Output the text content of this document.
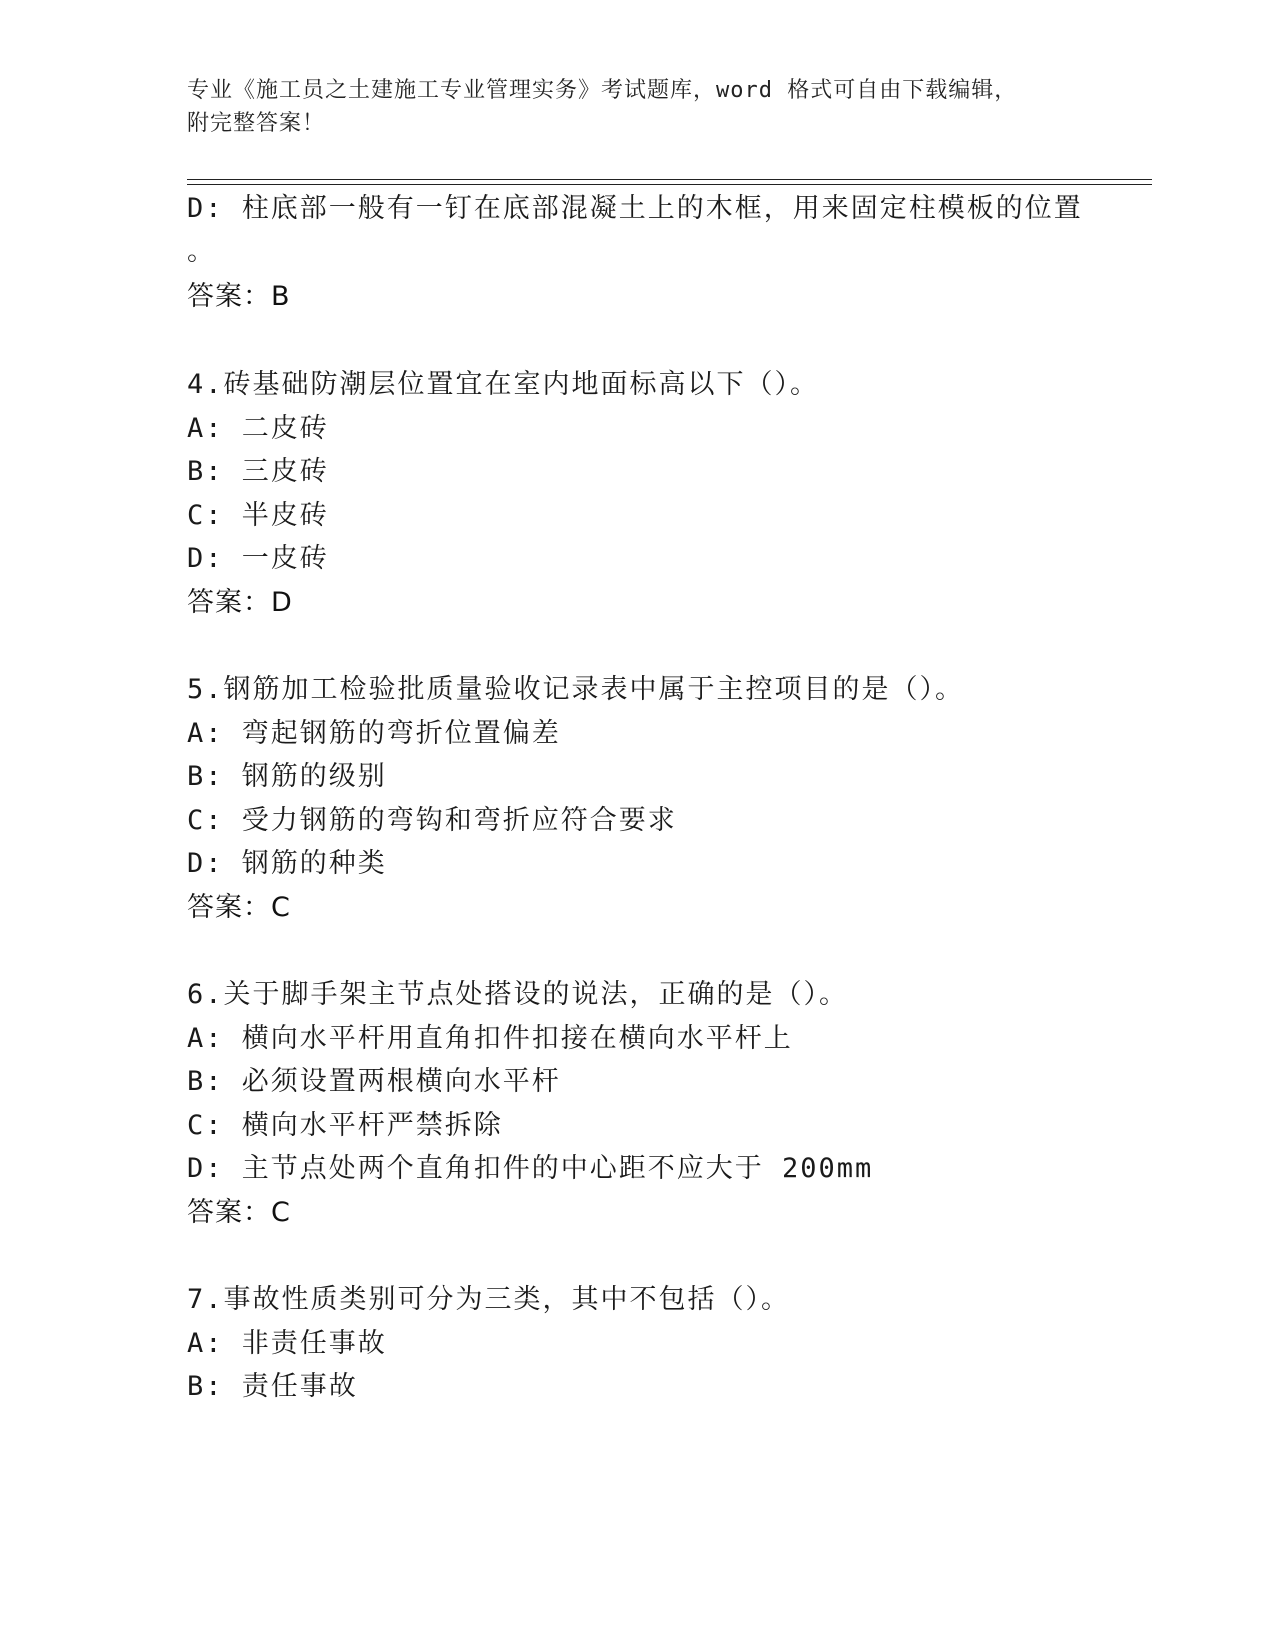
专业《施工员之土建施工专业管理实务》考试题库，word 格式可自由下载编辑，
附完整答案！
D: 柱底部一般有一钉在底部混凝土上的木框，用来固定柱模板的位置
。
答案：B
4.砖基础防潮层位置宜在室内地面标高以下（）。
A: 二皮砖
B: 三皮砖
C: 半皮砖
D: 一皮砖
答案：D
5.钢筋加工检验批质量验收记录表中属于主控项目的是（）。
A: 弯起钢筋的弯折位置偏差
B: 钢筋的级别
C: 受力钢筋的弯钩和弯折应符合要求
D: 钢筋的种类
答案：C
6.关于脚手架主节点处搭设的说法，正确的是（）。
A: 横向水平杆用直角扣件扣接在横向水平杆上
B: 必须设置两根横向水平杆
C: 横向水平杆严禁拆除
D: 主节点处两个直角扣件的中心距不应大于 200mm
答案：C
7.事故性质类别可分为三类，其中不包括（）。
A: 非责任事故
B: 责任事故
